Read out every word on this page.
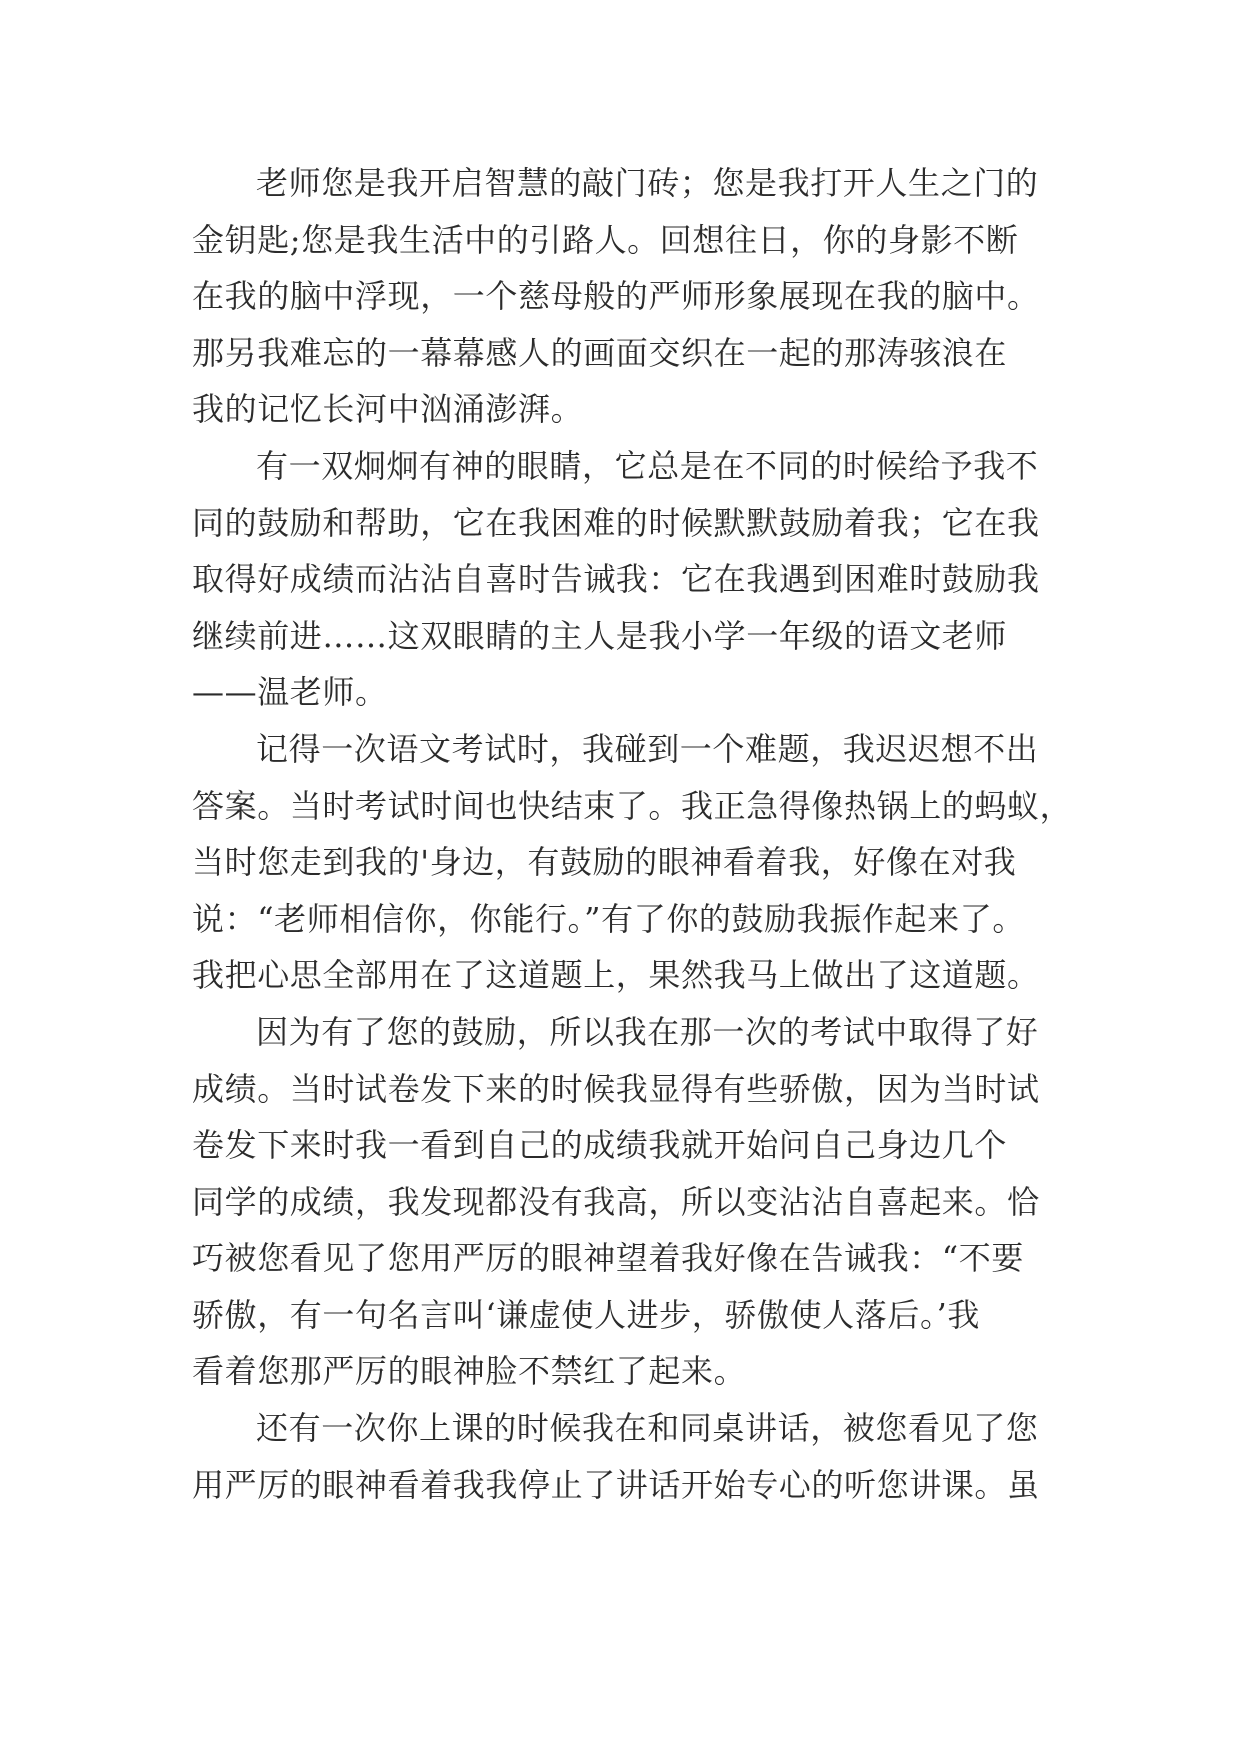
老师您是我开启智慧的敲门砖；您是我打开人生之门的
金钥匙;您是我生活中的引路人。回想往日，你的身影不断
在我的脑中浮现，一个慈母般的严师形象展现在我的脑中。
那另我难忘的一幕幕感人的画面交织在一起的那涛骇浪在
我的记忆长河中汹涌澎湃。
有一双炯炯有神的眼睛，它总是在不同的时候给予我不
同的鼓励和帮助，它在我困难的时候默默鼓励着我；它在我
取得好成绩而沾沾自喜时告诫我：它在我遇到困难时鼓励我
继续前进……这双眼睛的主人是我小学一年级的语文老师
——温老师。
记得一次语文考试时，我碰到一个难题，我迟迟想不出
答案。当时考试时间也快结束了。我正急得像热锅上的蚂蚁，
当时您走到我的'身边，有鼓励的眼神看着我，好像在对我
说：“老师相信你，你能行。”有了你的鼓励我振作起来了。
我把心思全部用在了这道题上，果然我马上做出了这道题。
因为有了您的鼓励，所以我在那一次的考试中取得了好
成绩。当时试卷发下来的时候我显得有些骄傲，因为当时试
卷发下来时我一看到自己的成绩我就开始问自己身边几个
同学的成绩，我发现都没有我高，所以变沾沾自喜起来。恰
巧被您看见了您用严厉的眼神望着我好像在告诫我：“不要
骄傲，有一句名言叫‘谦虚使人进步，骄傲使人落后。’我
看着您那严厉的眼神脸不禁红了起来。
还有一次你上课的时候我在和同桌讲话，被您看见了您
用严厉的眼神看着我我停止了讲话开始专心的听您讲课。虽
